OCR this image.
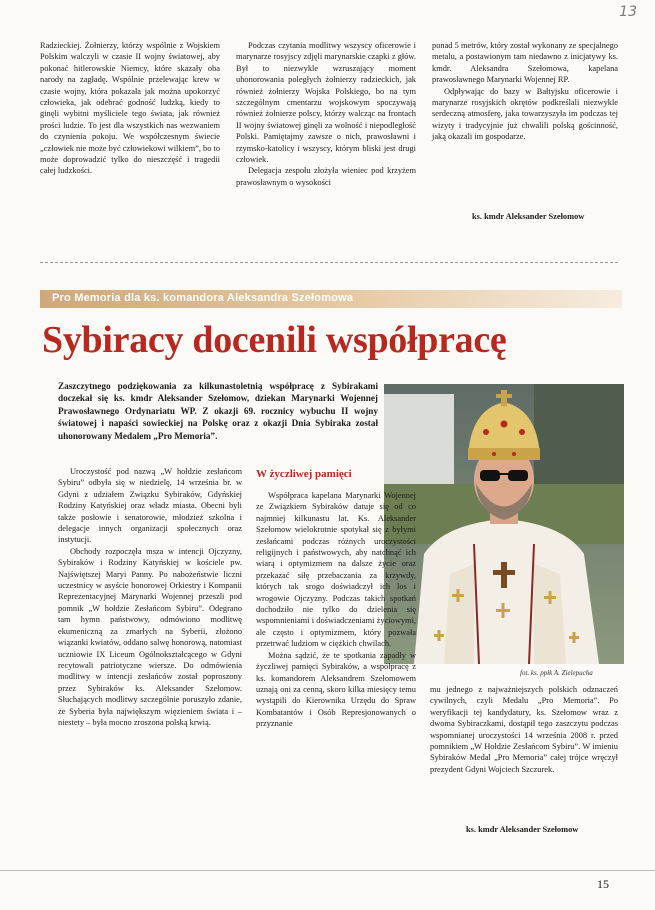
13

Radzieckiej. Żołnierzy, którzy wspólnie z Wojskiem Polskim walczyli w czasie II wojny światowej, aby pokonać hitlerowskie Niemcy, które skazały oba narody na zagładę. Wspólnie przelewając krew w czasie wojny, która pokazała jak można upokorzyć człowieka, jak odebrać godność ludzką, kiedy to ginęli wybitni myśliciele tego świata, jak również prości ludzie. To jest dla wszystkich nas wezwaniem do czynienia pokoju. We współczesnym świecie „człowiek nie może być człowiekowi wilkiem”, bo to może doprowadzić tylko do nieszczęść i tragedii całej ludzkości.

Podczas czytania modlitwy wszyscy oficerowie i marynarze rosyjscy zdjęli marynarskie czapki z głów. Był to niezwykle wzruszający moment uhonorowania poległych żołnierzy radzieckich, jak również żołnierzy Wojska Polskiego, bo na tym szczególnym cmentarzu wojskowym spoczywają również żołnierze polscy, którzy walcząc na frontach II wojny światowej ginęli za wolność i niepodległość Polski. Pamiętajmy zawsze o nich, prawosławni i rzymsko-katolicy i wszyscy, którym bliski jest drugi człowiek.

Delegacja zespołu złożyła wieniec pod krzyżem prawosławnym o wysokości

ponad 5 metrów, który został wykonany ze specjalnego metalu, a postawionym tam niedawno z inicjatywy ks. kmdr. Aleksandra Szełomowa, kapelana prawosławnego Marynarki Wojennej RP.

Odpływając do bazy w Bałtyjsku oficerowie i marynarze rosyjskich okrętów podkreślali niezwykle serdeczną atmosferę, jaka towarzyszyła im podczas tej wizyty i tradycyjnie już chwalili polską gościnność, jaką okazali im gospodarze.

ks. kmdr Aleksander Szełomow
Pro Memoria dla ks. komandora Aleksandra Szełomowa
Sybiracy docenili współpracę
Zaszczytnego podziękowania za kilkunastoletnią współpracę z Sybirakami doczekał się ks. kmdr Aleksander Szełomow, dziekan Marynarki Wojennej Prawosławnego Ordynariatu WP. Z okazji 69. rocznicy wybuchu II wojny światowej i napaści sowieckiej na Polskę oraz z okazji Dnia Sybiraka został uhonorowany Medalem „Pro Memoria”.
fot. ks. ppłk A. Zielepucha
W życzliwej pamięci

Uroczystość pod nazwą „W hołdzie zesłańcom Sybiru” odbyła się w niedzielę, 14 września br. w Gdyni z udziałem Związku Sybiraków, Gdyńskiej Rodziny Katyńskiej oraz władz miasta. Obecni byli także posłowie i senatorowie, młodzież szkolna i delegacje innych organizacji społecznych oraz instytucji.

Obchody rozpoczęła msza w intencji Ojczyzny, Sybiraków i Rodziny Katyńskiej w kościele pw. Najświętszej Maryi Panny. Po nabożeństwie liczni uczestnicy w asyście honorowej Orkiestry i Kompanii Reprezentacyjnej Marynarki Wojennej przeszli pod pomnik „W hołdzie Zesłańcom Sybiru”. Odegrano tam hymn państwowy, odmówiono modlitwę ekumeniczną za zmarłych na Syberii, złożono wiązanki kwiatów, oddano salwę honorową, natomiast uczniowie IX Liceum Ogólnokształcącego w Gdyni recytowali patriotyczne wiersze. Do odmówienia modlitwy w intencji zesłańców został poproszony przez Sybiraków ks. Aleksander Szełomow. Słuchających modlitwy szczególnie poruszyło zdanie, że Syberia była największym więzieniem świata i – niestety – była mocno zroszona polską krwią.

Współpraca kapelana Marynarki Wojennej ze Związkiem Sybiraków datuje się od co najmniej kilkunastu lat. Ks. Aleksander Szełomow wielokrotnie spotykał się z byłymi zesłańcami podczas różnych uroczystości religijnych i państwowych, aby natchnąć ich wiarą i optymizmem na dalsze życie oraz przekazać siłę przebaczania za krzywdy, których tak srogo doświadczył ich los i wrogowie Ojczyzny. Podczas takich spotkań dochodziło nie tylko do dzielenia się wspomnieniami i doświadczeniami życiowymi, ale często i optymizmem, który pozwała przetrwać ludziom w ciężkich chwilach.

Można sądzić, że te spotkania zapadły w życzliwej pamięci Sybiraków, a współpracę z ks. komandorem Aleksandrem Szełomowem uznają oni za cenną, skoro kilka miesięcy temu wystąpili do Kierownika Urzędu do Spraw Kombatantów i Osób Represjonowanych o przyznanie

mu jednego z najważniejszych polskich odznaczeń cywilnych, czyli Medalu „Pro Memoria”. Po weryfikacji tej kandydatury, ks. Szełomow wraz z dwoma Sybiraczkami, dostąpił tego zaszczytu podczas wspomnianej uroczystości 14 września 2008 r. przed pomnikiem „W Hołdzie Zesłańcom Sybiru”. W imieniu Sybiraków Medal „Pro Memoria” całej trójce wręczył prezydent Gdyni Wojciech Szczurek.

ks. kmdr Aleksander Szełomow
15
